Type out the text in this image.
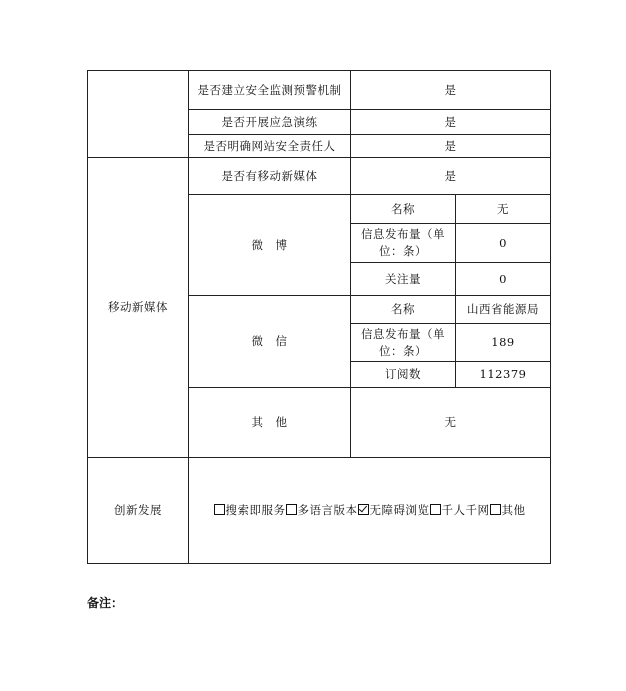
	是否建立安全监测预警机制	是	
	是否开展应急演练	是	
	是否明确网站安全责任人	是	
移动新媒体	是否有移动新媒体	是	
	微　博	名称	无
		信息发布量（单位：条）	0
		关注量	0
	微　信	名称	山西省能源局
		信息发布量（单位：条）	189
		订阅数	112379
	其　他	无	
创新发展	搜索即服务 多语言版本 无障碍浏览 千人千网 其他		
备注：
